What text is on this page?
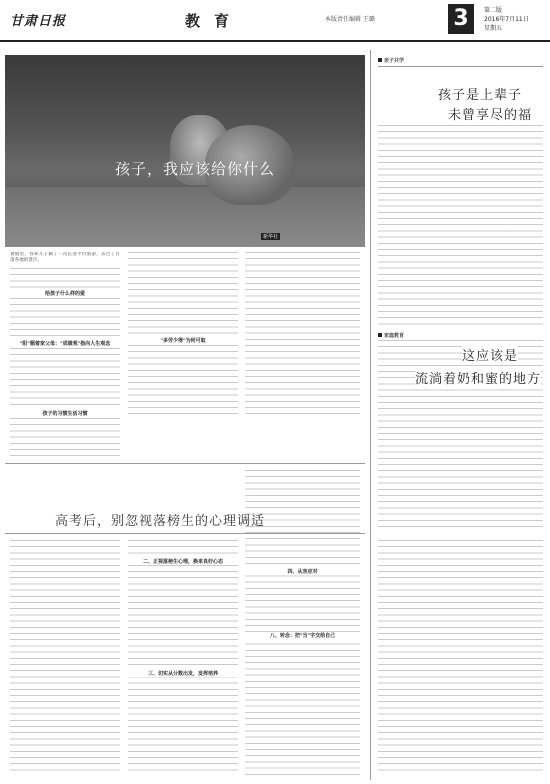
甘肃日报	教育	本版责任编辑 王璐	3	第二版
2016年7月11日
星期五
孩子，我应该给你什么
新华社
暑假里，我和儿子做了一次长途平价旅游，去过了甘肃各地的景区。
给孩子什么样的爱
"阳"顺着家父母："成绩观"指向人生观念
孩子的习惯生活习惯
"多劳少得"为何可取
高考后，别忽视落榜生的心理调适
二、正视落榜生心理，换来良好心态
三、切实从分数出发，发挥培养
四、从容应对
八、转念：把"当"字交给自己
亲子共学
孩子是上辈子
未曾享尽的福
家庭教育
这应该是
流淌着奶和蜜的地方
